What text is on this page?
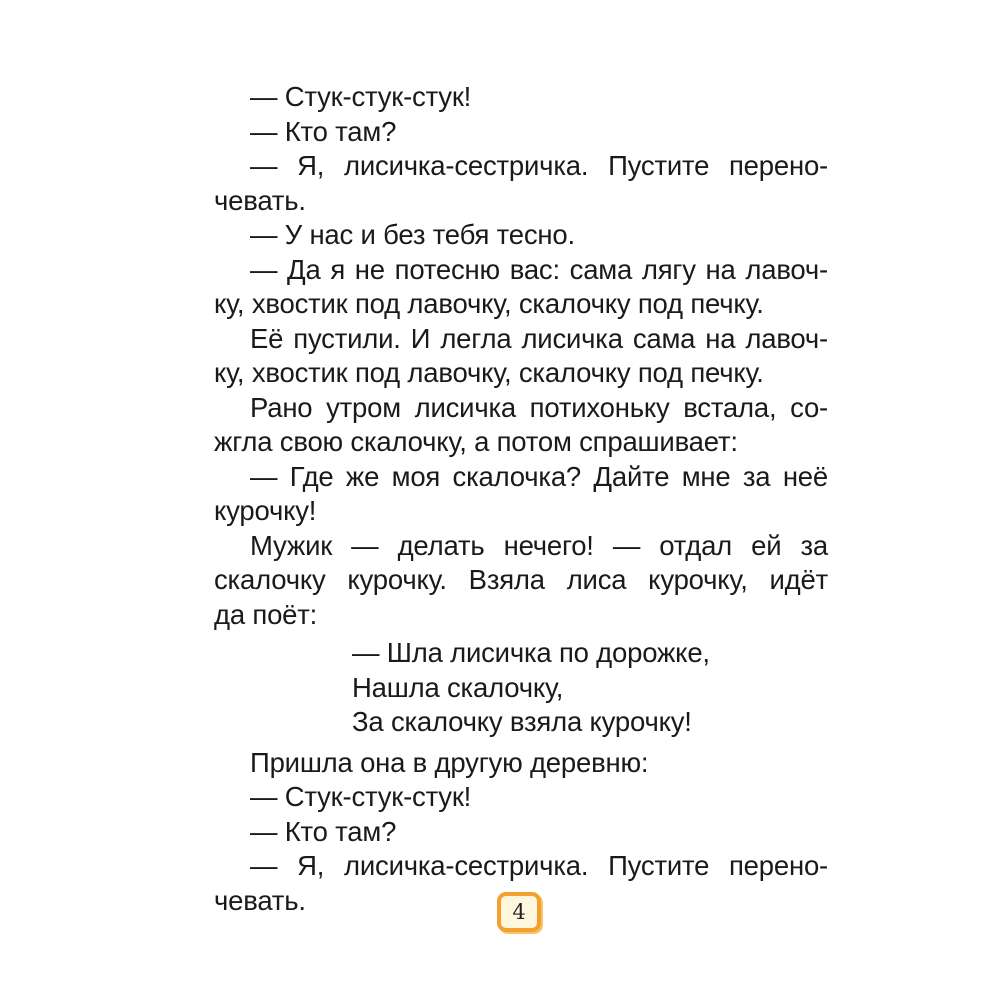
— Стук-стук-стук!
— Кто там?
— Я, лисичка-сестричка. Пустите перено-
чевать.
— У нас и без тебя тесно.
— Да я не потесню вас: сама лягу на лавоч-
ку, хвостик под лавочку, скалочку под печку.
Её пустили. И легла лисичка сама на лавоч-
ку, хвостик под лавочку, скалочку под печку.
Рано утром лисичка потихоньку встала, со-
жгла свою скалочку, а потом спрашивает:
— Где же моя скалочка? Дайте мне за неё
курочку!
Мужик — делать нечего! — отдал ей за
скалочку курочку. Взяла лиса курочку, идёт
да поёт:
— Шла лисичка по дорожке,
Нашла скалочку,
За скалочку взяла курочку!
Пришла она в другую деревню:
— Стук-стук-стук!
— Кто там?
— Я, лисичка-сестричка. Пустите перено-
чевать.	4
